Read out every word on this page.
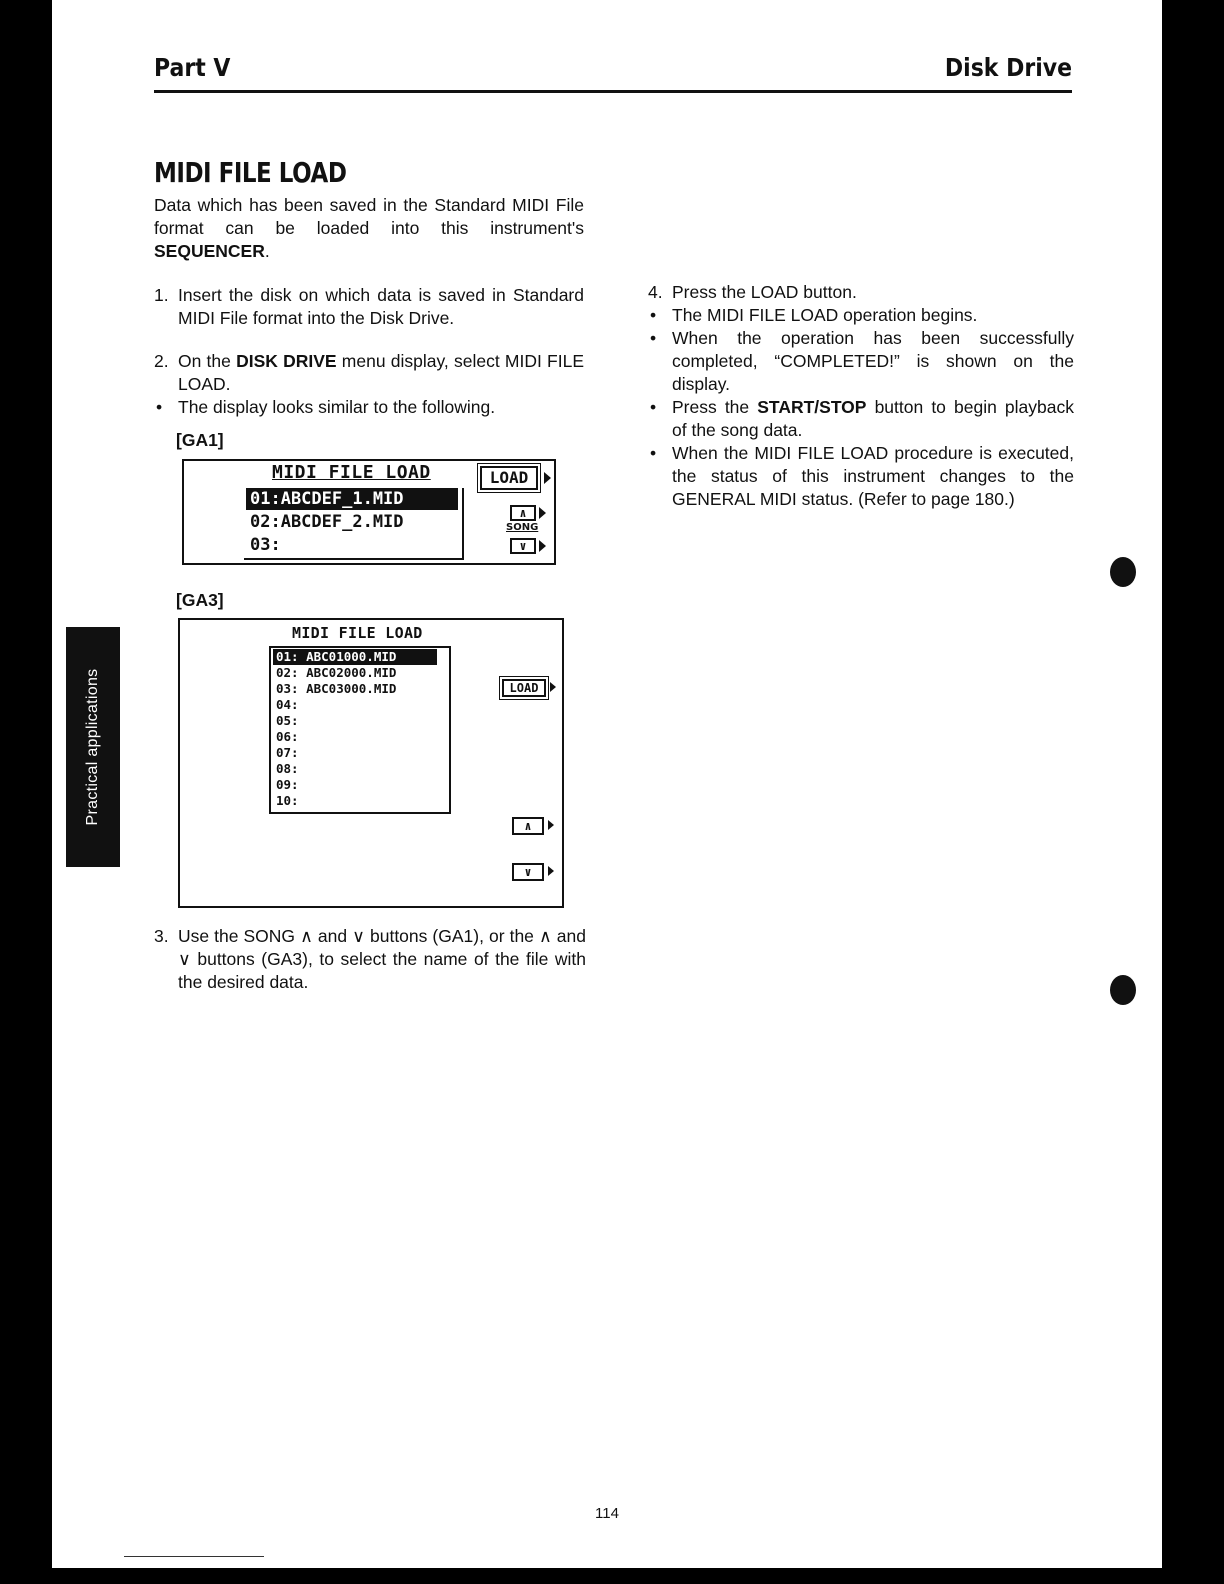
Part V	Disk Drive
MIDI FILE LOAD
Data which has been saved in the Standard MIDI File format can be loaded into this instrument's SEQUENCER.
1. Insert the disk on which data is saved in Standard MIDI File format into the Disk Drive.
2. On the DISK DRIVE menu display, select MIDI FILE LOAD.
• The display looks similar to the following.
[GA1]
MIDI FILE LOAD
01:ABCDEF_1.MID
02:ABCDEF_2.MID
03:
LOAD
∧
SONG
∨
[GA3]
MIDI FILE LOAD
01: ABC01000.MID
02: ABC02000.MID
03: ABC03000.MID
04:
05:
06:
07:
08:
09:
10:
LOAD
∧
∨
3. Use the SONG ∧ and ∨ buttons (GA1), or the ∧ and ∨ buttons (GA3), to select the name of the file with the desired data.
4. Press the LOAD button.
• The MIDI FILE LOAD operation begins.
• When the operation has been successfully completed, “COMPLETED!” is shown on the display.
• Press the START/STOP button to begin playback of the song data.
• When the MIDI FILE LOAD procedure is executed, the status of this instrument changes to the GENERAL MIDI status. (Refer to page 180.)
Practical applications
114
